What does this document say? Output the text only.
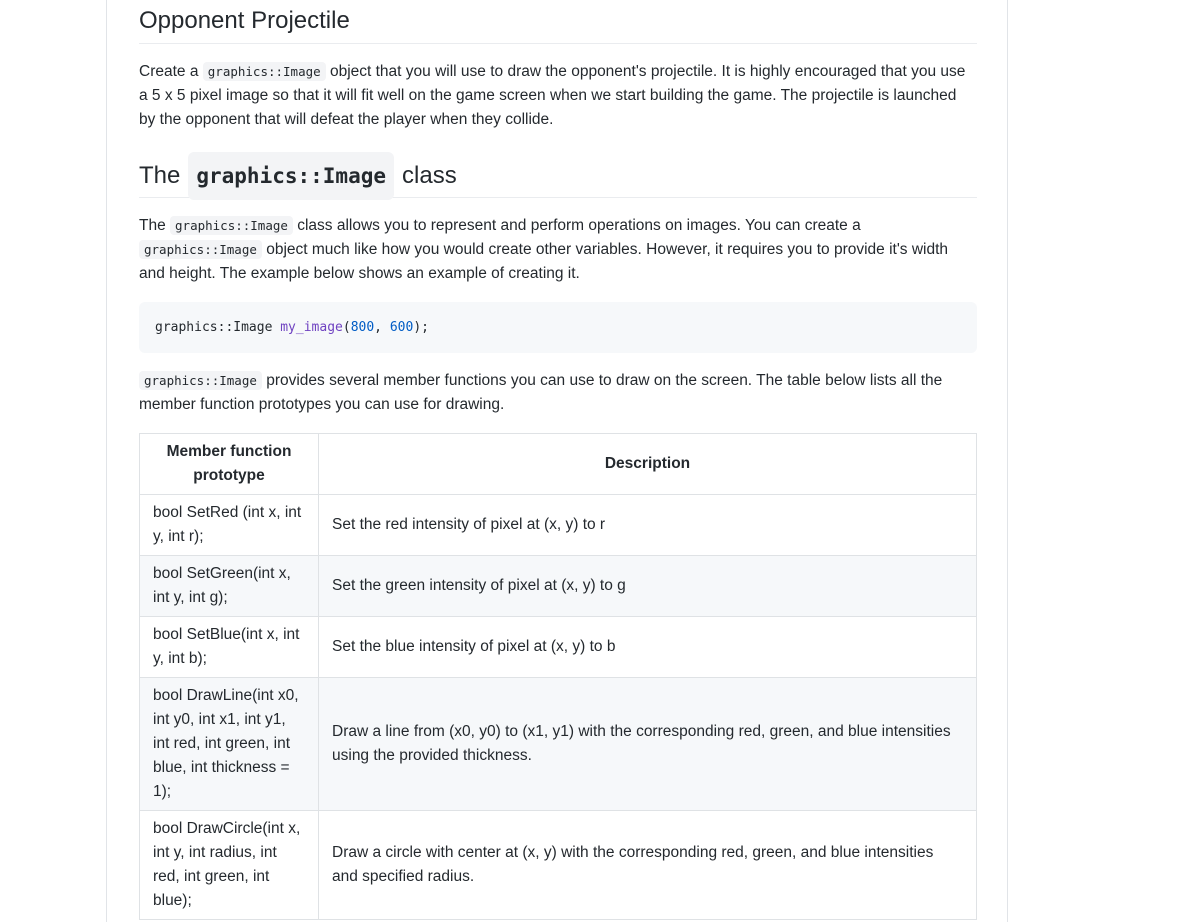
Opponent Projectile

Create a graphics::Image object that you will use to draw the opponent's projectile. It is highly encouraged that you use a 5 x 5 pixel image so that it will fit well on the game screen when we start building the game. The projectile is launched by the opponent that will defeat the player when they collide.

The graphics::Image class

The graphics::Image class allows you to represent and perform operations on images. You can create a graphics::Image object much like how you would create other variables. However, it requires you to provide it's width and height. The example below shows an example of creating it.

graphics::Image my_image ( 800 , 600 );

graphics::Image provides several member functions you can use to draw on the screen. The table below lists all the member function prototypes you can use for drawing.

Member function prototype	Description
bool SetRed (int x, int y, int r);	Set the red intensity of pixel at (x, y) to r
bool SetGreen(int x, int y, int g);	Set the green intensity of pixel at (x, y) to g
bool SetBlue(int x, int y, int b);	Set the blue intensity of pixel at (x, y) to b
bool DrawLine(int x0, int y0, int x1, int y1, int red, int green, int blue, int thickness = 1);	Draw a line from (x0, y0) to (x1, y1) with the corresponding red, green, and blue intensities using the provided thickness.
bool DrawCircle(int x, int y, int radius, int red, int green, int blue);	Draw a circle with center at (x, y) with the corresponding red, green, and blue intensities and specified radius.
